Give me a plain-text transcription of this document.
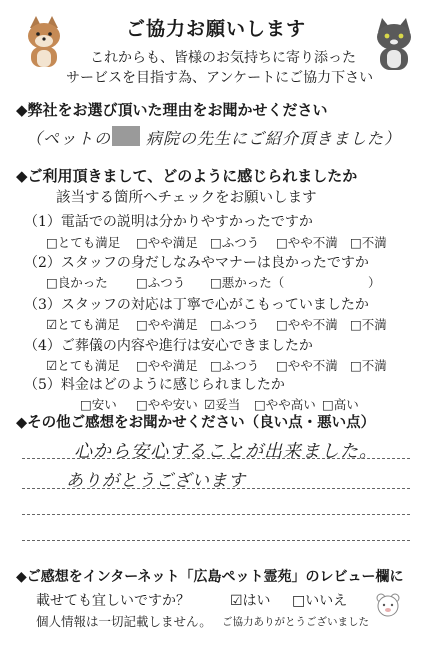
ご協力お願いします
これからも、皆様のお気持ちに寄り添った
サービスを目指す為、アンケートにご協力下さい
◆弊社をお選び頂いた理由をお聞かせください
（ペットの 病院の先生にご紹介頂きました）
◆ご利用頂きまして、どのように感じられましたか
該当する箇所へチェックをお願いします
（1）電話での説明は分かりやすかったですか
□とても満足 □やや満足 □ふつう □やや不満 □不満
（2）スタッフの身だしなみやマナーは良かったですか
□良かった □ふつう □悪かった（	）
（3）スタッフの対応は丁寧で心がこもっていましたか
☑とても満足 □やや満足 □ふつう □やや不満 □不満
（4）ご葬儀の内容や進行は安心できましたか
☑とても満足 □やや満足 □ふつう □やや不満 □不満
（5）料金はどのように感じられましたか
□安い □やや安い ☑妥当 □やや高い □高い
◆その他ご感想をお聞かせください（良い点・悪い点）
心から安心することが出来ました。
ありがとうございます
◆ご感想をインターネット「広島ペット霊苑」のレビュー欄に
載せても宜しいですか？	☑はい □いいえ
個人情報は一切記載しません。 ご協力ありがとうございました
